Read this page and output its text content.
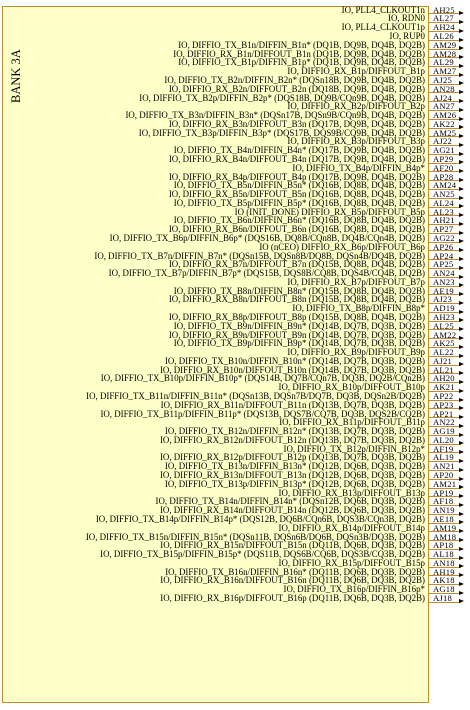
BANK 3A
IO, PLL4_CLKOUT1n AH25
IO, RDN0 AL27
IO, PLL4_CLKOUT1p AH24
IO, RUP0 AL26
IO, DIFFIO_TX_B1n/DIFFIN_B1n* (DQ1B, DQ9B, DQ4B, DQ2B) AM29
IO, DIFFIO_RX_B1n/DIFFOUT_B1n (DQ1B, DQ9B, DQ4B, DQ2B) AM28
IO, DIFFIO_TX_B1p/DIFFIN_B1p* (DQ1B, DQ9B, DQ4B, DQ2B) AL29
IO, DIFFIO_RX_B1p/DIFFOUT_B1p AM27
IO, DIFFIO_TX_B2n/DIFFIN_B2n* (DQSn18B, DQ9B, DQ4B, DQ2B) AJ25
IO, DIFFIO_RX_B2n/DIFFOUT_B2n (DQ18B, DQ9B, DQ4B, DQ2B) AN28
IO, DIFFIO_TX_B2p/DIFFIN_B2p* (DQS18B, DQ9B/CQn9B, DQ4B, DQ2B) AJ24
IO, DIFFIO_RX_B2p/DIFFOUT_B2p AN27
IO, DIFFIO_TX_B3n/DIFFIN_B3n* (DQSn17B, DQSn9B/CQn9B, DQ4B, DQ2B) AM26
IO, DIFFIO_RX_B3n/DIFFOUT_B3n (DQ17B, DQ9B, DQ4B, DQ2B) AK22
IO, DIFFIO_TX_B3p/DIFFIN_B3p* (DQS17B, DQS9B/CQ9B, DQ4B, DQ2B) AM25
IO, DIFFIO_RX_B3p/DIFFOUT_B3p AJ22
IO, DIFFIO_TX_B4n/DIFFIN_B4n* (DQ17B, DQ9B, DQ4B, DQ2B) AG21
IO, DIFFIO_RX_B4n/DIFFOUT_B4n (DQ17B, DQ9B, DQ4B, DQ2B) AP29
IO, DIFFIO_TX_B4p/DIFFIN_B4p* AF20
IO, DIFFIO_RX_B4p/DIFFOUT_B4p (DQ17B, DQ9B, DQ4B, DQ2B) AP28
IO, DIFFIO_TX_B5n/DIFFIN_B5n* (DQ16B, DQ8B, DQ4B, DQ2B) AM24
IO, DIFFIO_RX_B5n/DIFFOUT_B5n (DQ16B, DQ8B, DQ4B, DQ2B) AN25
IO, DIFFIO_TX_B5p/DIFFIN_B5p* (DQ16B, DQ8B, DQ4B, DQ2B) AL24
IO (INIT_DONE) DIFFIO_RX_B5p/DIFFOUT_B5p AL23
IO, DIFFIO_TX_B6n/DIFFIN_B6n* (DQ16B, DQ8B, DQ4B, DQ2B) AH21
IO, DIFFIO_RX_B6n/DIFFOUT_B6n (DQ16B, DQ8B, DQ4B, DQ2B) AP27
IO, DIFFIO_TX_B6p/DIFFIN_B6p* (DQS16B, DQ8B/CQn8B, DQ4B/CQn4B, DQ2B) AG22
IO (nCEO) DIFFIO_RX_B6p/DIFFOUT_B6p AP26
IO, DIFFIO_TX_B7n/DIFFIN_B7n* (DQSn15B, DQSn8B/DQ8B, DQSn4B/DQ4B, DQ2B) AP24
IO, DIFFIO_RX_B7n/DIFFOUT_B7n (DQ15B, DQ8B, DQ4B, DQ2B) AP25
IO, DIFFIO_TX_B7p/DIFFIN_B7p* (DQS15B, DQS8B/CQ8B, DQS4B/CQ4B, DQ2B) AN24
IO, DIFFIO_RX_B7p/DIFFOUT_B7p AN23
IO, DIFFIO_TX_B8n/DIFFIN_B8n* (DQ15B, DQ8B, DQ4B, DQ2B) AE19
IO, DIFFIO_RX_B8n/DIFFOUT_B8n (DQ15B, DQ8B, DQ4B, DQ2B) AJ23
IO, DIFFIO_TX_B8p/DIFFIN_B8p* AD19
IO, DIFFIO_RX_B8p/DIFFOUT_B8p (DQ15B, DQ8B, DQ4B, DQ2B) AH23
IO, DIFFIO_TX_B9n/DIFFIN_B9n* (DQ14B, DQ7B, DQ3B, DQ2B) AL25
IO, DIFFIO_RX_B9n/DIFFOUT_B9n (DQ14B, DQ7B, DQ3B, DQ2B) AM22
IO, DIFFIO_TX_B9p/DIFFIN_B9p* (DQ14B, DQ7B, DQ3B, DQ2B) AK25
IO, DIFFIO_RX_B9p/DIFFOUT_B9p AL22
IO, DIFFIO_TX_B10n/DIFFIN_B10n* (DQ14B, DQ7B, DQ3B, DQ2B) AJ21
IO, DIFFIO_RX_B10n/DIFFOUT_B10n (DQ14B, DQ7B, DQ3B, DQ2B) AL21
IO, DIFFIO_TX_B10p/DIFFIN_B10p* (DQS14B, DQ7B/CQn7B, DQ3B, DQ2B/CQn2B) AH20
IO, DIFFIO_RX_B10p/DIFFOUT_B10p AK21
IO, DIFFIO_TX_B11n/DIFFIN_B11n* (DQSn13B, DQSn7B/DQ7B, DQ3B, DQSn2B/DQ2B) AP22
IO, DIFFIO_RX_B11n/DIFFOUT_B11n (DQ13B, DQ7B, DQ3B, DQ2B) AP23
IO, DIFFIO_TX_B11p/DIFFIN_B11p* (DQS13B, DQS7B/CQ7B, DQ3B, DQS2B/CQ2B) AP21
IO, DIFFIO_RX_B11p/DIFFOUT_B11p AN22
IO, DIFFIO_TX_B12n/DIFFIN_B12n* (DQ13B, DQ7B, DQ3B, DQ2B) AG19
IO, DIFFIO_RX_B12n/DIFFOUT_B12n (DQ13B, DQ7B, DQ3B, DQ2B) AL20
IO, DIFFIO_TX_B12p/DIFFIN_B12p* AF19
IO, DIFFIO_RX_B12p/DIFFOUT_B12p (DQ13B, DQ7B, DQ3B, DQ2B) AL19
IO, DIFFIO_TX_B13n/DIFFIN_B13n* (DQ12B, DQ6B, DQ3B, DQ2B) AN21
IO, DIFFIO_RX_B13n/DIFFOUT_B13n (DQ12B, DQ6B, DQ3B, DQ2B) AP20
IO, DIFFIO_TX_B13p/DIFFIN_B13p* (DQ12B, DQ6B, DQ3B, DQ2B) AM21
IO, DIFFIO_RX_B13p/DIFFOUT_B13p AP19
IO, DIFFIO_TX_B14n/DIFFIN_B14n* (DQSn12B, DQ6B, DQ3B, DQ2B) AF18
IO, DIFFIO_RX_B14n/DIFFOUT_B14n (DQ12B, DQ6B, DQ3B, DQ2B) AN19
IO, DIFFIO_TX_B14p/DIFFIN_B14p* (DQS12B, DQ6B/CQn6B, DQS3B/CQn3B, DQ2B) AE18
IO, DIFFIO_RX_B14p/DIFFOUT_B14p AM19
IO, DIFFIO_TX_B15n/DIFFIN_B15n* (DQSn11B, DQSn6B/DQ6B, DQSn3B/DQ3B, DQ2B) AM18
IO, DIFFIO_RX_B15n/DIFFOUT_B15n (DQ11B, DQ6B, DQ3B, DQ2B) AP18
IO, DIFFIO_TX_B15p/DIFFIN_B15p* (DQS11B, DQS6B/CQ6B, DQS3B/CQ3B, DQ2B) AL18
IO, DIFFIO_RX_B15p/DIFFOUT_B15p AN18
IO, DIFFIO_TX_B16n/DIFFIN_B16n* (DQ11B, DQ6B, DQ3B, DQ2B) AH19
IO, DIFFIO_RX_B16n/DIFFOUT_B16n (DQ11B, DQ6B, DQ3B, DQ2B) AK18
IO, DIFFIO_TX_B16p/DIFFIN_B16p* AG18
IO, DIFFIO_RX_B16p/DIFFOUT_B16p (DQ11B, DQ6B, DQ3B, DQ2B) AJ18
